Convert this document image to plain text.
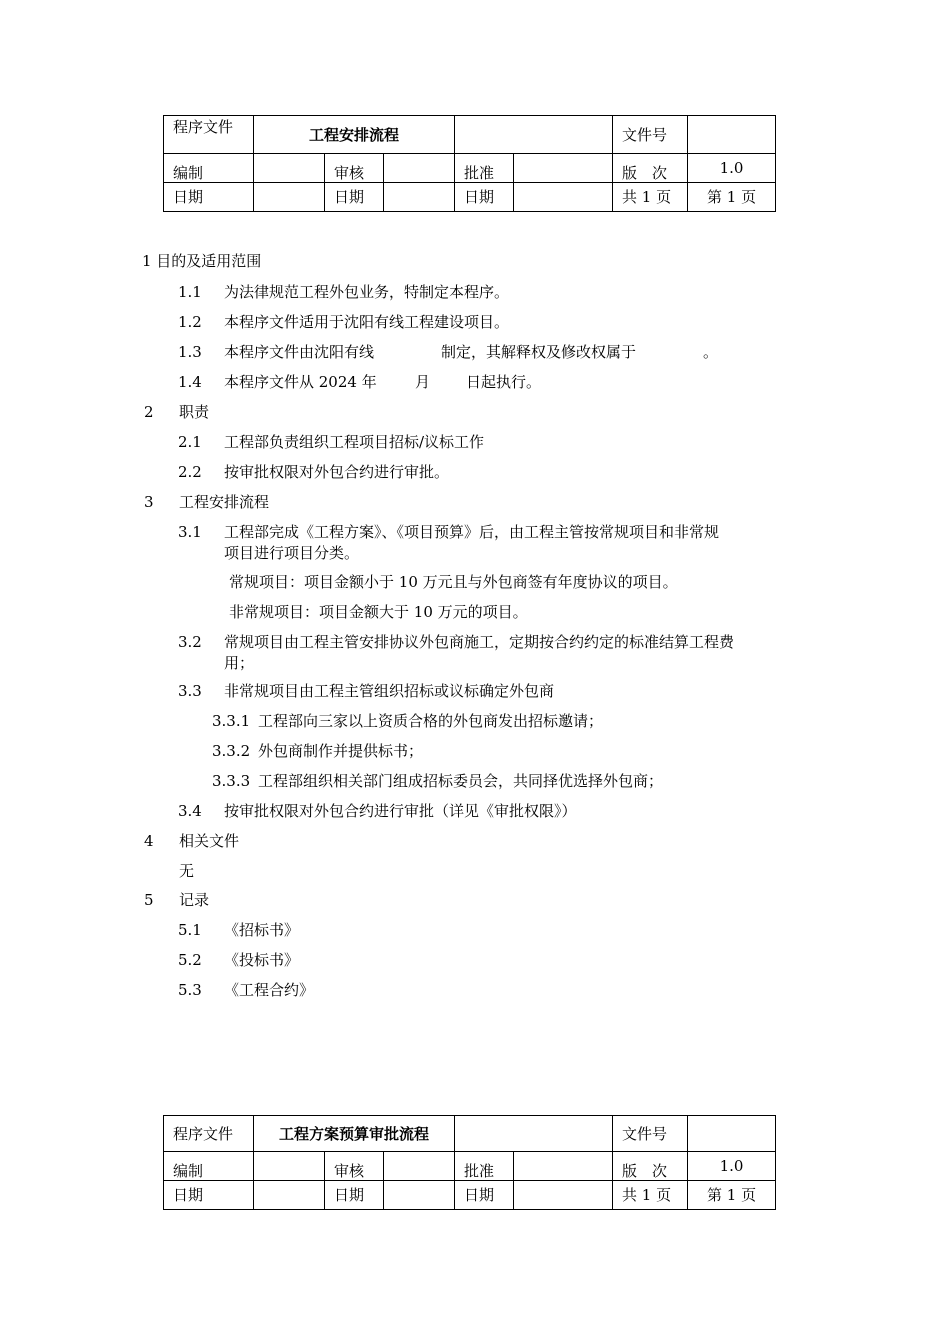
程序文件	工程安排流程					文件号	
编制		审核		批准		版　次	1.0
日期		日期		日期		共 1 页	第 1 页
1 目的及适用范围
1.1 为法律规范工程外包业务，特制定本程序。
1.2 本程序文件适用于沈阳有线工程建设项目。
1.3 本程序文件由沈阳有线	制定，其解释权及修改权属于	。
1.4 本程序文件从 2024 年	月 日起执行。
2 职责
2.1 工程部负责组织工程项目招标/议标工作
2.2 按审批权限对外包合约进行审批。
3 工程安排流程
3.1 工程部完成《工程方案》、《项目预算》后，由工程主管按常规项目和非常规
项目进行项目分类。
常规项目：项目金额小于 10 万元且与外包商签有年度协议的项目。
非常规项目：项目金额大于 10 万元的项目。
3.2 常规项目由工程主管安排协议外包商施工，定期按合约约定的标准结算工程费
用；
3.3 非常规项目由工程主管组织招标或议标确定外包商
3.3.1 工程部向三家以上资质合格的外包商发出招标邀请；
3.3.2 外包商制作并提供标书；
3.3.3 工程部组织相关部门组成招标委员会，共同择优选择外包商；
3.4 按审批权限对外包合约进行审批（详见《审批权限》）
4 相关文件
无
5 记录
5.1 《招标书》
5.2 《投标书》
5.3 《工程合约》
程序文件	工程方案预算审批流程					文件号	
编制		审核		批准		版　次	1.0
日期		日期		日期		共 1 页	第 1 页
